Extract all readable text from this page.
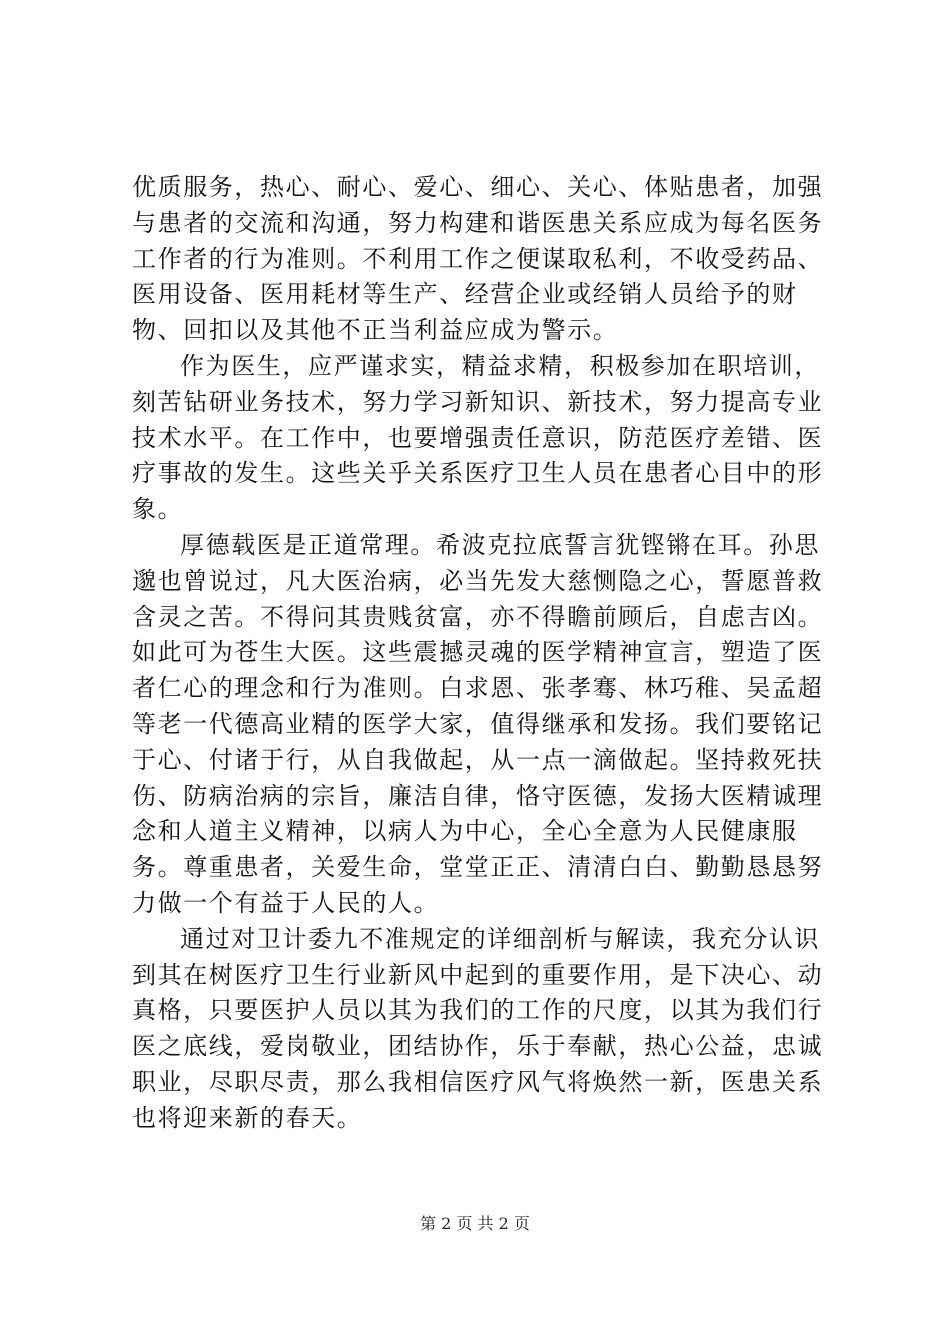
优质服务，热心、耐心、爱心、细心、关心、体贴患者，加强与患者的交流和沟通，努力构建和谐医患关系应成为每名医务工作者的行为准则。不利用工作之便谋取私利，不收受药品、医用设备、医用耗材等生产、经营企业或经销人员给予的财物、回扣以及其他不正当利益应成为警示。

作为医生，应严谨求实，精益求精，积极参加在职培训，刻苦钻研业务技术，努力学习新知识、新技术，努力提高专业技术水平。在工作中，也要增强责任意识，防范医疗差错、医疗事故的发生。这些关乎关系医疗卫生人员在患者心目中的形象。

厚德载医是正道常理。希波克拉底誓言犹铿锵在耳。孙思邈也曾说过，凡大医治病，必当先发大慈恻隐之心，誓愿普救含灵之苦。不得问其贵贱贫富，亦不得瞻前顾后，自虑吉凶。如此可为苍生大医。这些震撼灵魂的医学精神宣言，塑造了医者仁心的理念和行为准则。白求恩、张孝骞、林巧稚、吴孟超等老一代德高业精的医学大家，值得继承和发扬。我们要铭记于心、付诸于行，从自我做起，从一点一滴做起。坚持救死扶伤、防病治病的宗旨，廉洁自律，恪守医德，发扬大医精诚理念和人道主义精神，以病人为中心，全心全意为人民健康服务。尊重患者，关爱生命，堂堂正正、清清白白、勤勤恳恳努力做一个有益于人民的人。

通过对卫计委九不准规定的详细剖析与解读，我充分认识到其在树医疗卫生行业新风中起到的重要作用，是下决心、动真格，只要医护人员以其为我们的工作的尺度，以其为我们行医之底线，爱岗敬业，团结协作，乐于奉献，热心公益，忠诚职业，尽职尽责，那么我相信医疗风气将焕然一新，医患关系也将迎来新的春天。

第 2 页 共 2 页
